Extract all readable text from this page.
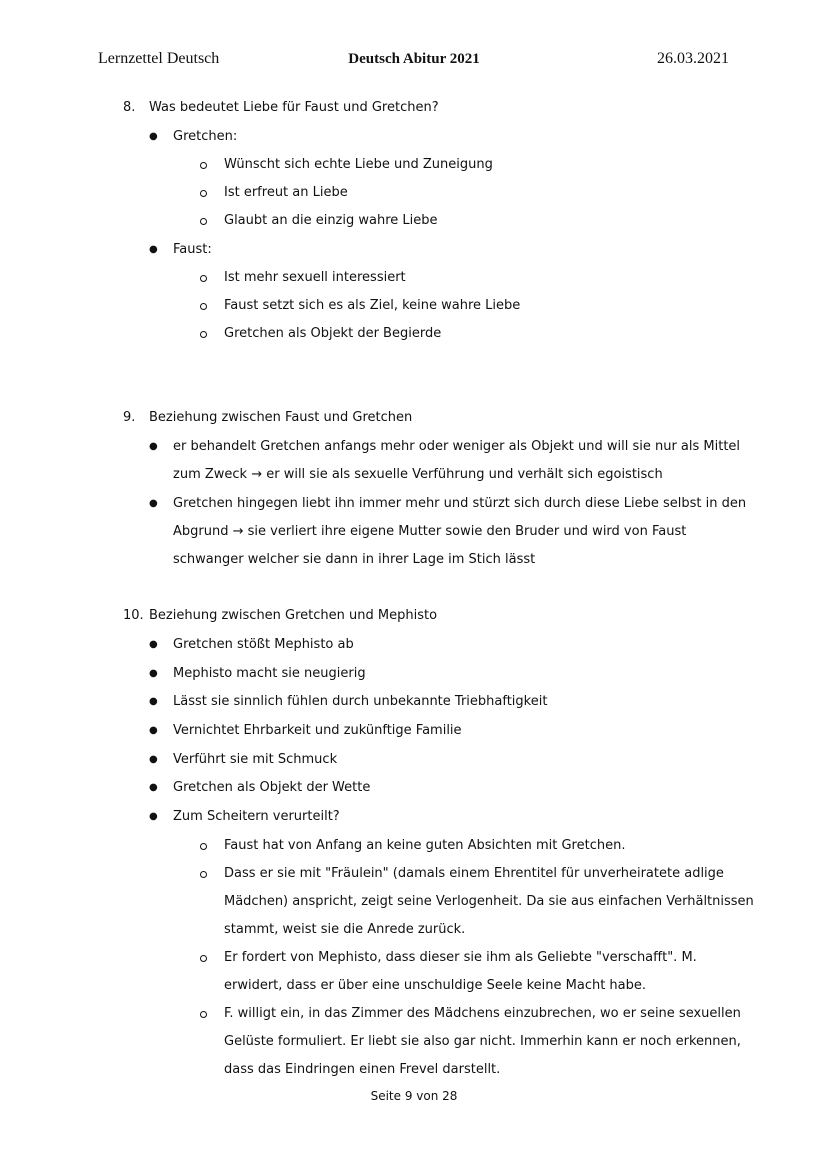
Lernzettel Deutsch	Deutsch Abitur 2021	26.03.2021
8. Was bedeutet Liebe für Faust und Gretchen?
● Gretchen:
Wünscht sich echte Liebe und Zuneigung
Ist erfreut an Liebe
Glaubt an die einzig wahre Liebe
● Faust:
Ist mehr sexuell interessiert
Faust setzt sich es als Ziel, keine wahre Liebe
Gretchen als Objekt der Begierde
9. Beziehung zwischen Faust und Gretchen
● er behandelt Gretchen anfangs mehr oder weniger als Objekt und will sie nur als Mittel
zum Zweck → er will sie als sexuelle Verführung und verhält sich egoistisch
● Gretchen hingegen liebt ihn immer mehr und stürzt sich durch diese Liebe selbst in den
Abgrund → sie verliert ihre eigene Mutter sowie den Bruder und wird von Faust
schwanger welcher sie dann in ihrer Lage im Stich lässt
10. Beziehung zwischen Gretchen und Mephisto
● Gretchen stößt Mephisto ab
● Mephisto macht sie neugierig
● Lässt sie sinnlich fühlen durch unbekannte Triebhaftigkeit
● Vernichtet Ehrbarkeit und zukünftige Familie
● Verführt sie mit Schmuck
● Gretchen als Objekt der Wette
● Zum Scheitern verurteilt?
Faust hat von Anfang an keine guten Absichten mit Gretchen.
Dass er sie mit "Fräulein" (damals einem Ehrentitel für unverheiratete adlige
Mädchen) anspricht, zeigt seine Verlogenheit. Da sie aus einfachen Verhältnissen
stammt, weist sie die Anrede zurück.
Er fordert von Mephisto, dass dieser sie ihm als Geliebte "verschafft". M.
erwidert, dass er über eine unschuldige Seele keine Macht habe.
F. willigt ein, in das Zimmer des Mädchens einzubrechen, wo er seine sexuellen
Gelüste formuliert. Er liebt sie also gar nicht. Immerhin kann er noch erkennen,
dass das Eindringen einen Frevel darstellt.
Seite 9 von 28
